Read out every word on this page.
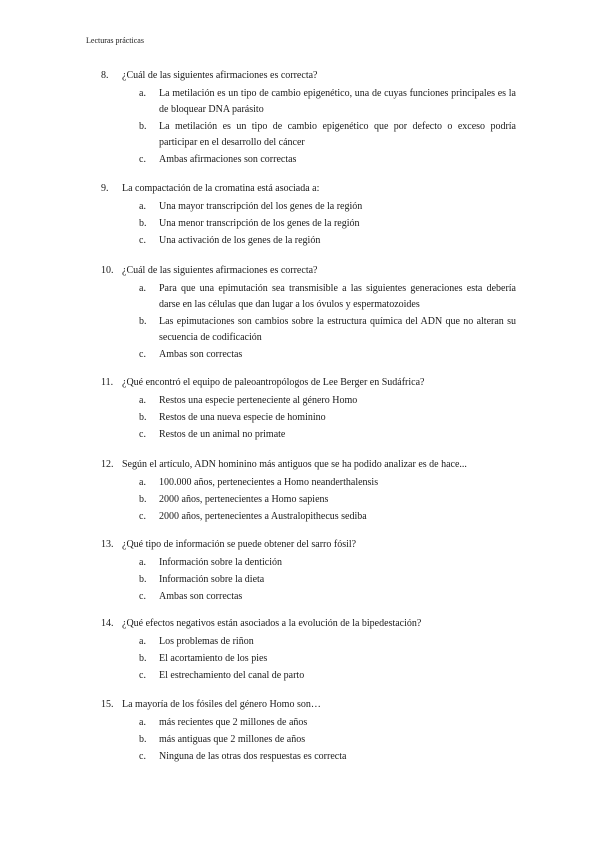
Lecturas prácticas
8. ¿Cuál de las siguientes afirmaciones es correcta?
a. La metilación es un tipo de cambio epigenético, una de cuyas funciones principales es la de bloquear DNA parásito
b. La metilación es un tipo de cambio epigenético que por defecto o exceso podría participar en el desarrollo del cáncer
c. Ambas afirmaciones son correctas
9. La compactación de la cromatina está asociada a:
a. Una mayor transcripción del los genes de la región
b. Una menor transcripción de los genes de la región
c. Una activación de los genes de la región
10. ¿Cuál de las siguientes afirmaciones es correcta?
a. Para que una epimutación sea transmisible a las siguientes generaciones esta debería darse en las células que dan lugar a los óvulos y espermatozoides
b. Las epimutaciones son cambios sobre la estructura química del ADN que no alteran su secuencia de codificación
c. Ambas son correctas
11. ¿Qué encontró el equipo de paleoantropólogos de Lee Berger en Sudáfrica?
a. Restos una especie perteneciente al género Homo
b. Restos de una nueva especie de hominino
c. Restos de un animal no primate
12. Según el artículo, ADN hominino más antiguos que se ha podido analizar es de hace...
a. 100.000 años, pertenecientes a Homo neanderthalensis
b. 2000 años, pertenecientes a Homo sapiens
c. 2000 años, pertenecientes a Australopithecus sediba
13. ¿Qué tipo de información se puede obtener del sarro fósil?
a. Información sobre la dentición
b. Información sobre la dieta
c. Ambas son correctas
14. ¿Qué efectos negativos están asociados a la evolución de la bipedestación?
a. Los problemas de riñon
b. El acortamiento de los pies
c. El estrechamiento del canal de parto
15. La mayoría de los fósiles del género Homo son…
a. más recientes que 2 millones de años
b. más antiguas que 2 millones de años
c. Ninguna de las otras dos respuestas es correcta
